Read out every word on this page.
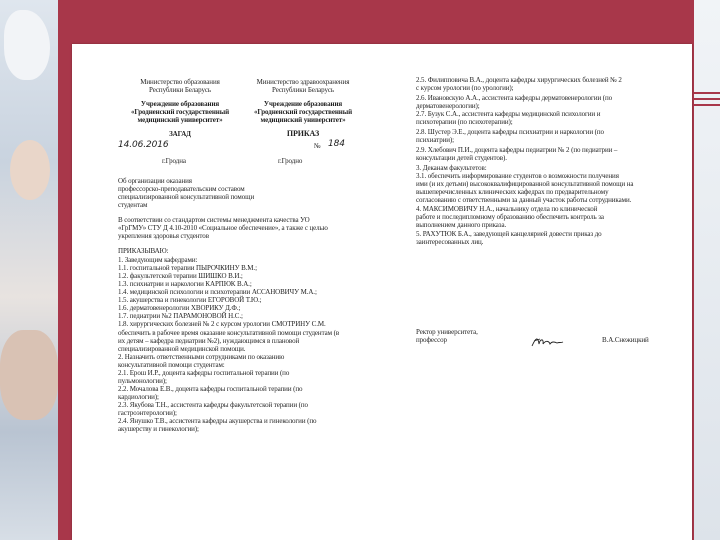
Министерство образования
Республики Беларусь
Учреждение образования
«Гродненский государственный
медицинский университет»
ЗАГАД
Министерство здравоохранения
Республики Беларусь
Учреждение образования
«Гродненский государственный
медицинский университет»
ПРИКАЗ
14.06.2016	№ 184
г.Гродна	г.Гродно
Об организации оказания
профессорско-преподавательским составом
специализированной консультативной помощи
студентам
В соответствии со стандартом системы менеджмента качества УО
«ГрГМУ» СТУ Д 4.10-2010 «Социальное обеспечение», а также с целью
укрепления здоровья студентов
ПРИКАЗЫВАЮ:
1. Заведующим кафедрами:
1.1. госпитальной терапии ПЫРОЧКИНУ В.М.;
1.2. факультетской терапии ШИШКО В.И.;
1.3. психиатрии и наркологии КАРПЮК В.А.;
1.4. медицинской психологии и психотерапии АССАНОВИЧУ М.А.;
1.5. акушерства и гинекологии ЕГОРОВОЙ Т.Ю.;
1.6. дерматовенерологии ХВОРИКУ Д.Ф.;
1.7. педиатрии №2 ПАРАМОНОВОЙ Н.С.;
1.8. хирургических болезней № 2 с курсом урологии СМОТРИНУ С.М.
обеспечить в рабочее время оказание консультативной помощи студентам (в
их детям – кафедра педиатрии №2), нуждающимся в плановой
специализированной медицинской помощи.
2. Назначить ответственными сотрудниками по оказанию
консультативной помощи студентам:
2.1. Ерош И.Р., доцента кафедры госпитальной терапии (по
пульмонологии);
2.2. Мочалова Е.В., доцента кафедры госпитальной терапии (по
кардиологии);
2.3. Якубова Т.Н., ассистента кафедры факультетской терапии (по
гастроэнтерологии);
2.4. Янушко Т.В., ассистента кафедры акушерства и гинекологии (по
акушерству и гинекологии);
2.5. Филипповича В.А., доцента кафедры хирургических болезней № 2
с курсом урологии (по урологии);
2.6. Ивановскую А.А., ассистента кафедры дерматовенерологии (по
дерматовенерологии);
2.7. Бузук С.А., ассистента кафедры медицинской психологии и
психотерапии (по психотерапии);
2.8. Шустер Э.Е., доцента кафедры психиатрии и наркологии (по
психиатрии);
2.9. Хлебович П.И., доцента кафедры педиатрии № 2 (по педиатрии –
консультации детей студентов).
3. Деканам факультетов:
3.1. обеспечить информирование студентов о возможности получения
ими (и их детьми) высококвалифицированной консультативной помощи на
вышеперечисленных клинических кафедрах по предварительному
согласованию с ответственными за данный участок работы сотрудниками.
4. МАКСИМОВИЧУ Н.А., начальнику отдела по клинической
работе и последипломному образованию обеспечить контроль за
выполнением данного приказа.
5. РАХУТЮК Б.А., заведующей канцелярией довести приказ до
заинтересованных лиц.
Ректор университета,
профессор	В.А.Снежицкий
